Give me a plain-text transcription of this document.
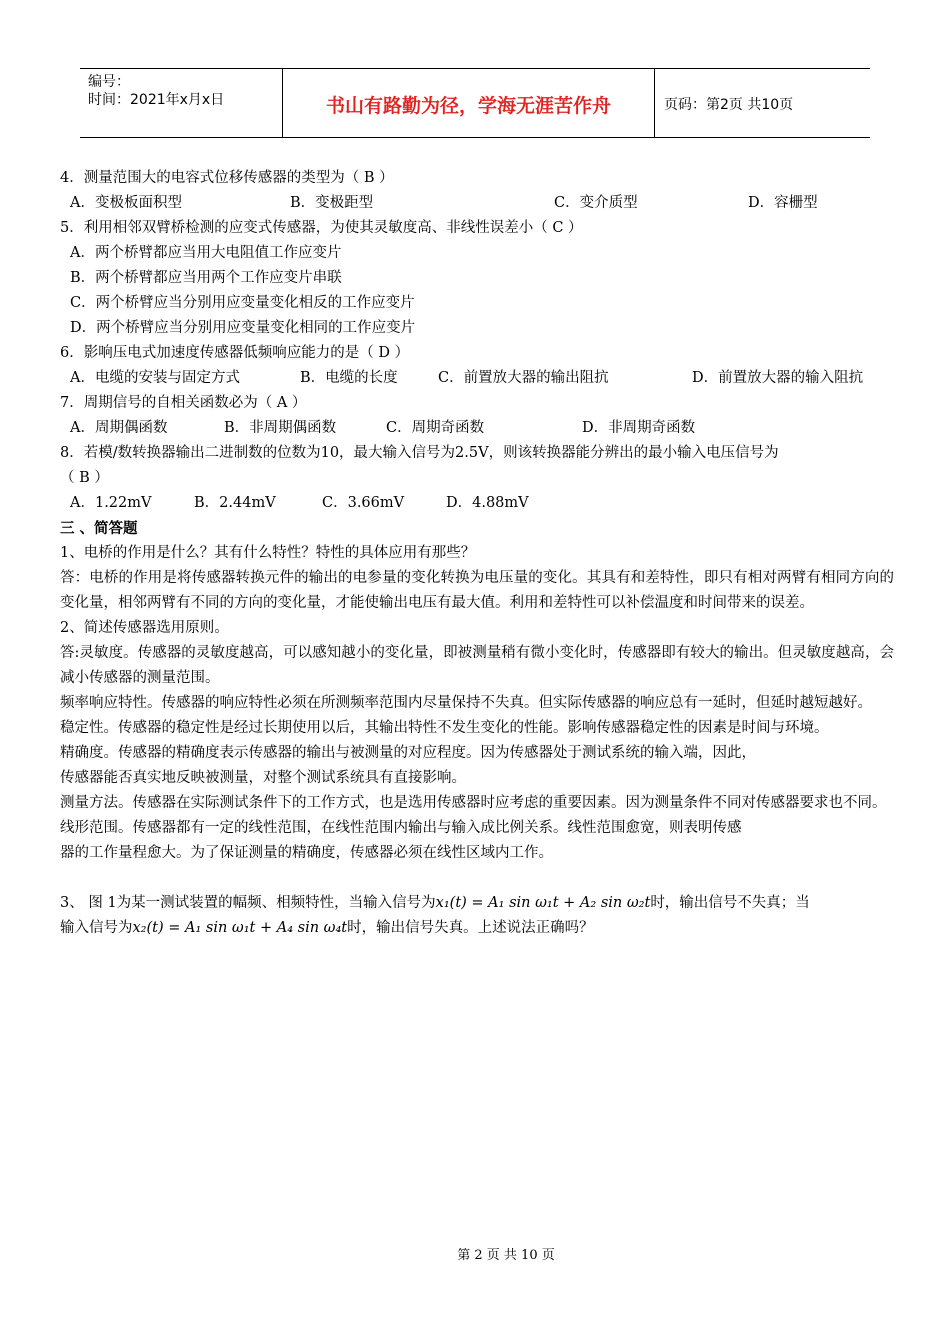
编号：
时间：2021年x月x日	书山有路勤为径，学海无涯苦作舟	页码：第2页 共10页

4．测量范围大的电容式位移传感器的类型为（ B ）

A．变极板面积型	B．变极距型	C．变介质型	D．容栅型

5．利用相邻双臂桥检测的应变式传感器，为使其灵敏度高、非线性误差小（ C ）

A．两个桥臂都应当用大电阻值工作应变片

B．两个桥臂都应当用两个工作应变片串联

C．两个桥臂应当分别用应变量变化相反的工作应变片

D．两个桥臂应当分别用应变量变化相同的工作应变片

6．影响压电式加速度传感器低频响应能力的是（ D ）

A．电缆的安装与固定方式	B．电缆的长度	C．前置放大器的输出阻抗	D．前置放大器的输入阻抗

7．周期信号的自相关函数必为（ A ）

A．周期偶函数	B．非周期偶函数	C．周期奇函数	D．非周期奇函数

8．若模/数转换器输出二进制数的位数为10，最大输入信号为2.5V，则该转换器能分辨出的最小输入电压信号为

（ B ）

A．1.22mV	B．2.44mV	C．3.66mV	D．4.88mV

三 、简答题

1、电桥的作用是什么？其有什么特性？特性的具体应用有那些？

答：电桥的作用是将传感器转换元件的输出的电参量的变化转换为电压量的变化。其具有和差特性，即只有相对两臂有相同方向的变化量，相邻两臂有不同的方向的变化量，才能使输出电压有最大值。利用和差特性可以补偿温度和时间带来的误差。

2、简述传感器选用原则。

答:灵敏度。传感器的灵敏度越高，可以感知越小的变化量，即被测量稍有微小变化时，传感器即有较大的输出。但灵敏度越高，会减小传感器的测量范围。

频率响应特性。传感器的响应特性必须在所测频率范围内尽量保持不失真。但实际传感器的响应总有一延时，但延时越短越好。

稳定性。传感器的稳定性是经过长期使用以后，其输出特性不发生变化的性能。影响传感器稳定性的因素是时间与环境。

精确度。传感器的精确度表示传感器的输出与被测量的对应程度。因为传感器处于测试系统的输入端，因此，

传感器能否真实地反映被测量，对整个测试系统具有直接影响。

测量方法。传感器在实际测试条件下的工作方式，也是选用传感器时应考虑的重要因素。因为测量条件不同对传感器要求也不同。

线形范围。传感器都有一定的线性范围，在线性范围内输出与输入成比例关系。线性范围愈宽，则表明传感

器的工作量程愈大。为了保证测量的精确度，传感器必须在线性区域内工作。

3、 图 1为某一测试装置的幅频、相频特性，当输入信号为x₁(t) = A₁ sin ω₁t + A₂ sin ω₂t时，输出信号不失真；当

输入信号为x₂(t) = A₁ sin ω₁t + A₄ sin ω₄t时，输出信号失真。上述说法正确吗？

第 2 页 共 10 页
